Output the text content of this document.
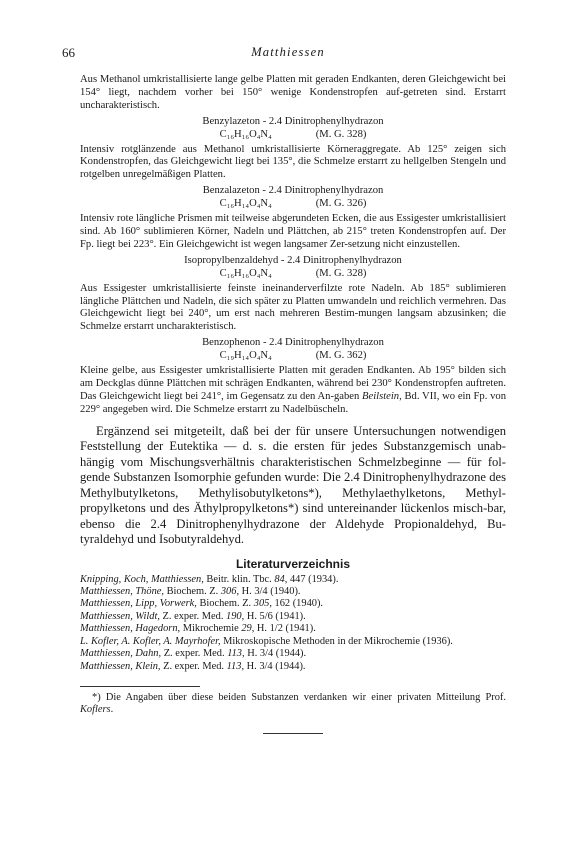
66	Matthiessen

Aus Methanol umkristallisierte lange gelbe Platten mit geraden Endkanten, deren Gleichgewicht bei 154° liegt, nachdem vorher bei 150° wenige Kondenstropfen auf-getreten sind. Erstarrt uncharakteristisch.

Benzylazeton - 2.4 Dinitrophenylhydrazon
C₁₆H₁₆O₄N₄	(M. G. 328)

Intensiv rotglänzende aus Methanol umkristallisierte Körneraggregate. Ab 125° zeigen sich Kondenstropfen, das Gleichgewicht liegt bei 135°, die Schmelze erstarrt zu hellgelben Stengeln und rotgelben unregelmäßigen Platten.

Benzalazeton - 2.4 Dinitrophenylhydrazon
C₁₆H₁₄O₄N₄	(M. G. 326)

Intensiv rote längliche Prismen mit teilweise abgerundeten Ecken, die aus Essigester umkristallisiert sind. Ab 160° sublimieren Körner, Nadeln und Plättchen, ab 215° treten Kondenstropfen auf. Der Fp. liegt bei 223°. Ein Gleichgewicht ist wegen langsamer Zer-setzung nicht einzustellen.

Isopropylbenzaldehyd - 2.4 Dinitrophenylhydrazon
C₁₆H₁₆O₄N₄	(M. G. 328)

Aus Essigester umkristallisierte feinste ineinanderverfilzte rote Nadeln. Ab 185° sublimieren längliche Plättchen und Nadeln, die sich später zu Platten umwandeln und reichlich vermehren. Das Gleichgewicht liegt bei 240°, um erst nach mehreren Bestim-mungen langsam abzusinken; die Schmelze erstarrt uncharakteristisch.

Benzophenon - 2.4 Dinitrophenylhydrazon
C₁₉H₁₄O₄N₄	(M. G. 362)

Kleine gelbe, aus Essigester umkristallisierte Platten mit geraden Endkanten. Ab 195° bilden sich am Deckglas dünne Plättchen mit schrägen Endkanten, während bei 230° Kondenstropfen auftreten. Das Gleichgewicht liegt bei 241°, im Gegensatz zu den An-gaben Beilstein, Bd. VII, wo ein Fp. von 229° angegeben wird. Die Schmelze erstarrt zu Nadelbüscheln.

Ergänzend sei mitgeteilt, daß bei der für unsere Untersuchungen notwendigen Feststellung der Eutektika — d. s. die ersten für jedes Substanzgemisch unab-hängig vom Mischungsverhältnis charakteristischen Schmelzbeginne — für fol-gende Substanzen Isomorphie gefunden wurde: Die 2.4 Dinitrophenylhydrazone des Methylbutylketons, Methylisobutylketons*), Methylaethylketons, Methyl-propylketons und des Äthylpropylketons*) sind untereinander lückenlos misch-bar, ebenso die 2.4 Dinitrophenylhydrazone der Aldehyde Propionaldehyd, Bu-tyraldehyd und Isobutyraldehyd.

Literaturverzeichnis
Knipping, Koch, Matthiessen, Beitr. klin. Tbc. 84, 447 (1934).
Matthiessen, Thöne, Biochem. Z. 306, H. 3/4 (1940).
Matthiessen, Lipp, Vorwerk, Biochem. Z. 305, 162 (1940).
Matthiessen, Wildt, Z. exper. Med. 190, H. 5/6 (1941).
Matthiessen, Hagedorn, Mikrochemie 29, H. 1/2 (1941).
L. Kofler, A. Kofler, A. Mayrhofer, Mikroskopische Methoden in der Mikrochemie (1936).
Matthiessen, Dahn, Z. exper. Med. 113, H. 3/4 (1944).
Matthiessen, Klein, Z. exper. Med. 113, H. 3/4 (1944).

*) Die Angaben über diese beiden Substanzen verdanken wir einer privaten Mitteilung Prof. Koflers.
